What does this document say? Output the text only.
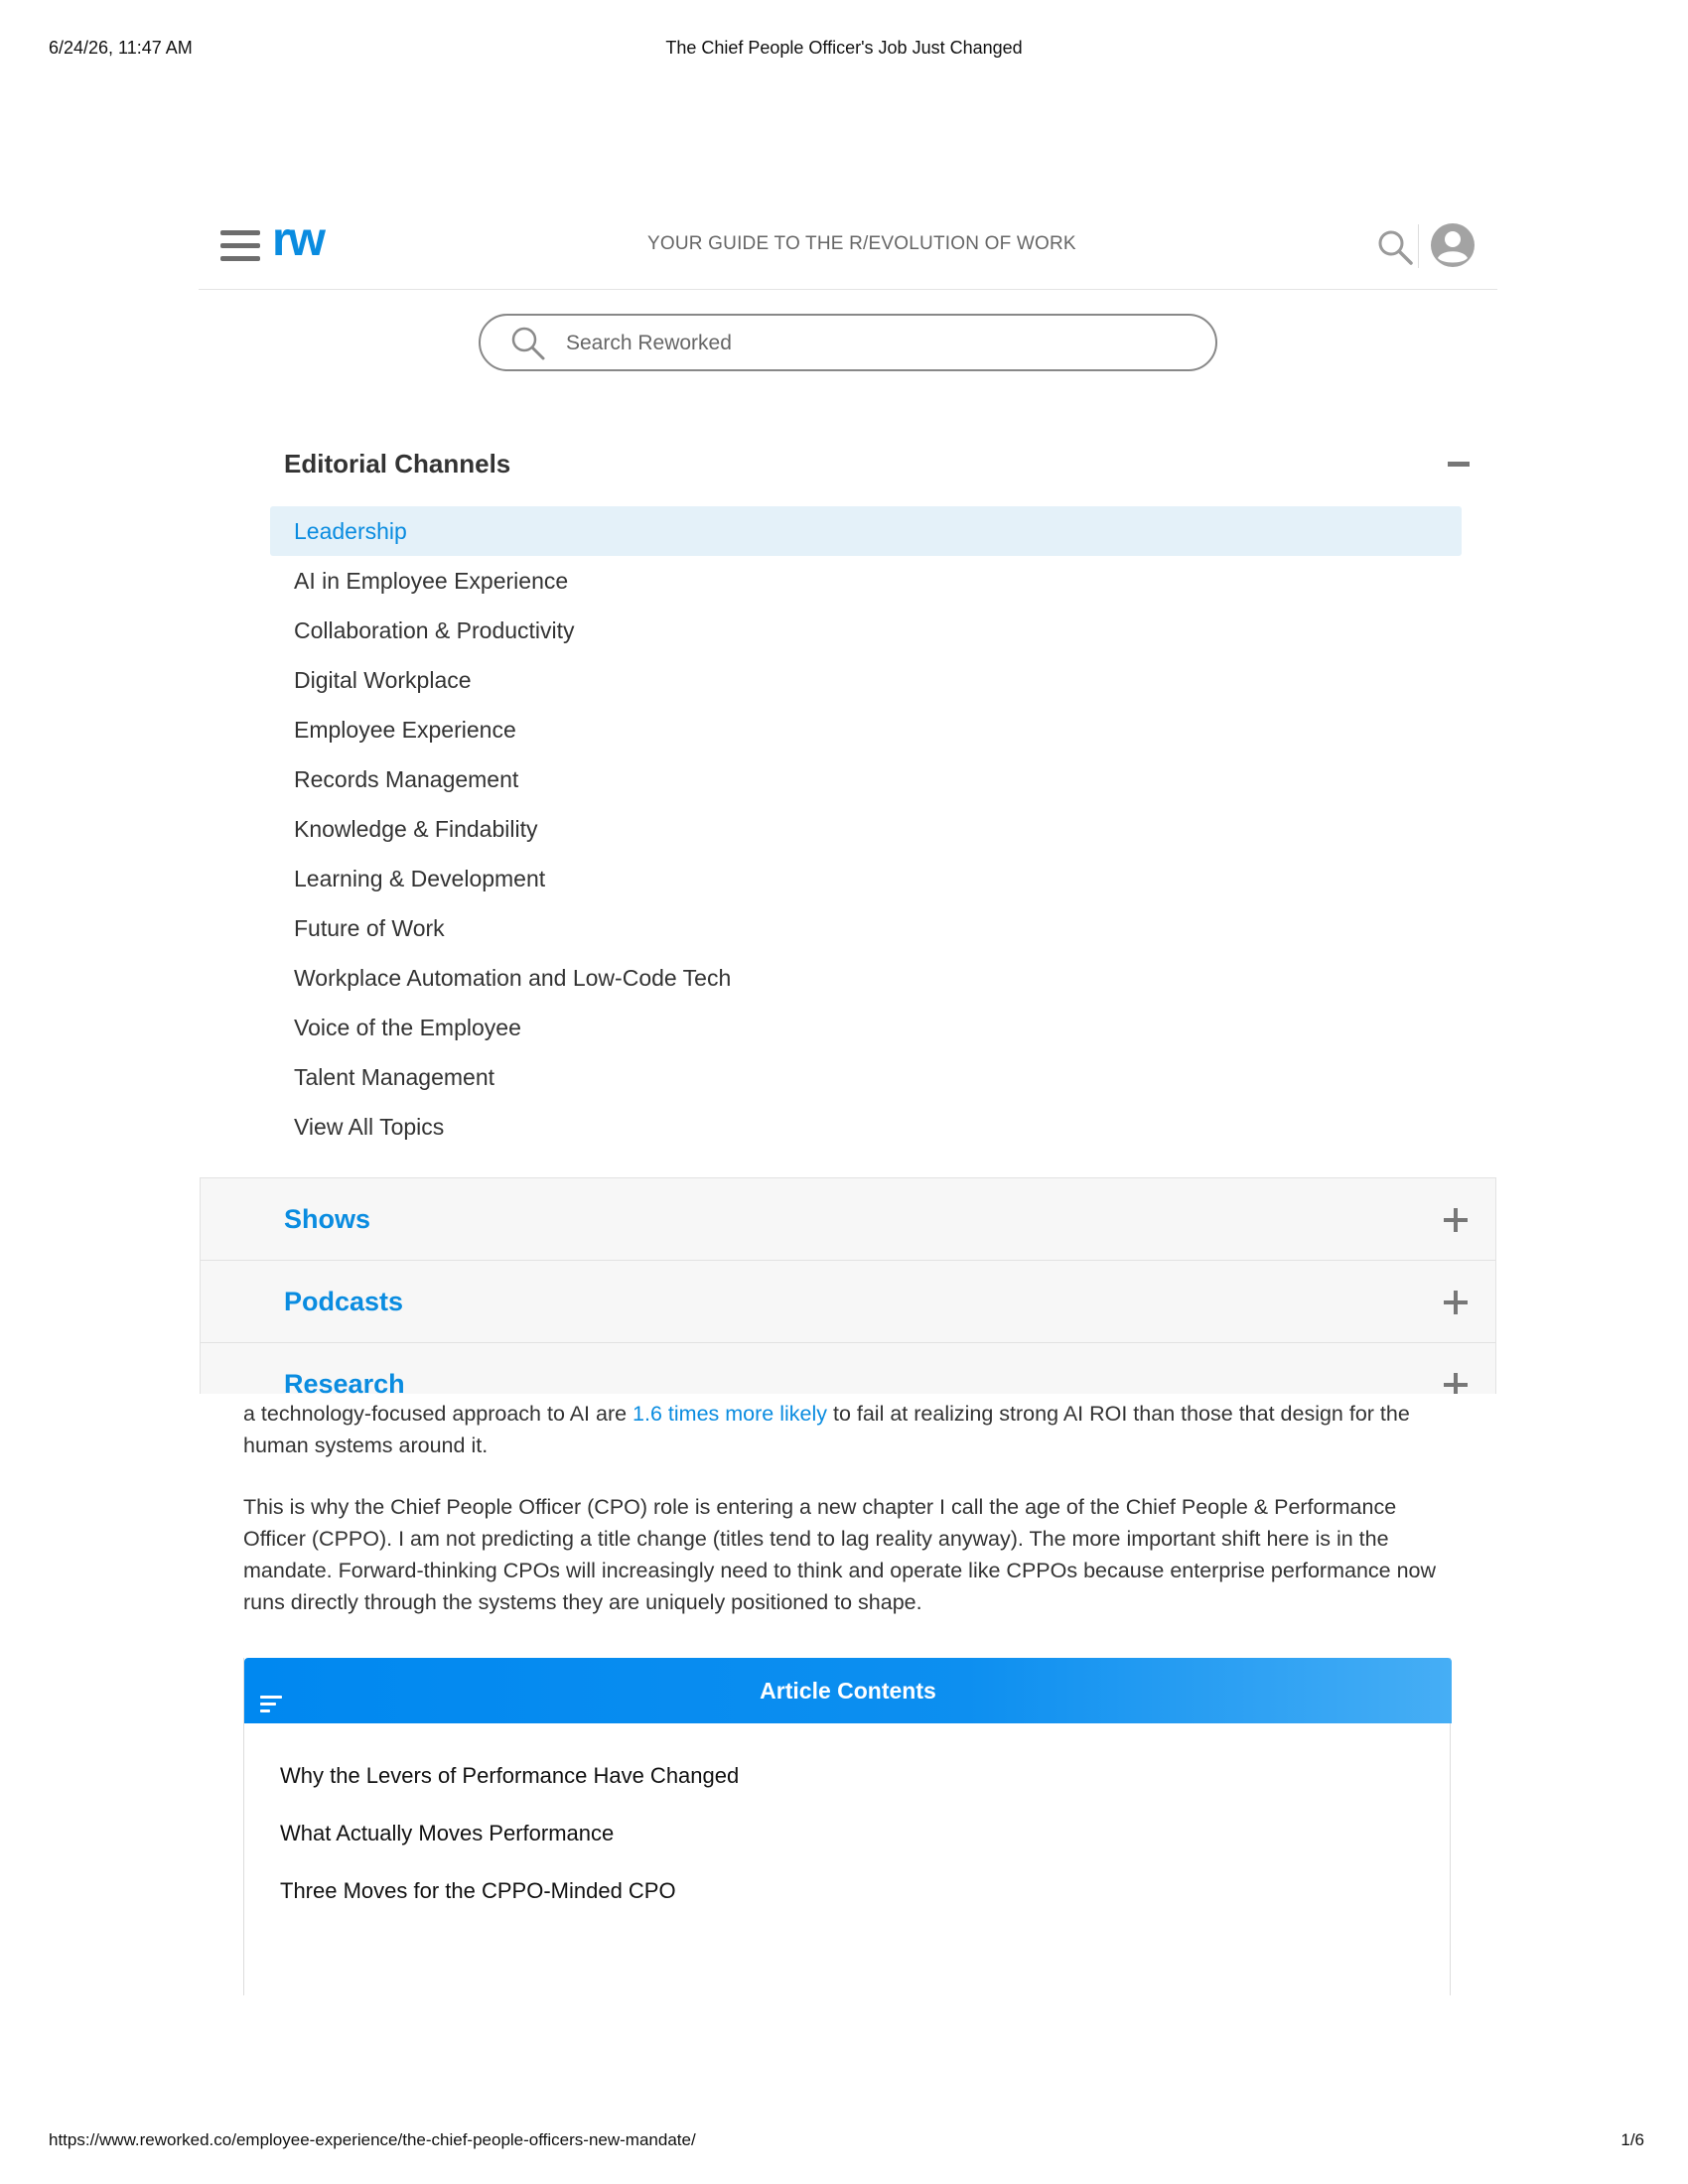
6/24/26, 11:47 AM	The Chief People Officer's Job Just Changed
rw	YOUR GUIDE TO THE R/EVOLUTION OF WORK
Search Reworked
Editorial Channels
Leadership
AI in Employee Experience
Collaboration & Productivity
Digital Workplace
Employee Experience
Records Management
Knowledge & Findability
Learning & Development
Future of Work
Workplace Automation and Low-Code Tech
Voice of the Employee
Talent Management
View All Topics
Shows
Podcasts
Research

a technology-focused approach to AI are 1.6 times more likely to fail at realizing strong AI ROI than those that design for the human systems around it.

This is why the Chief People Officer (CPO) role is entering a new chapter I call the age of the Chief People & Performance Officer (CPPO). I am not predicting a title change (titles tend to lag reality anyway). The more important shift here is in the mandate. Forward-thinking CPOs will increasingly need to think and operate like CPPOs because enterprise performance now runs directly through the systems they are uniquely positioned to shape.

Article Contents
Why the Levers of Performance Have Changed
What Actually Moves Performance
Three Moves for the CPPO-Minded CPO
https://www.reworked.co/employee-experience/the-chief-people-officers-new-mandate/	1/6
